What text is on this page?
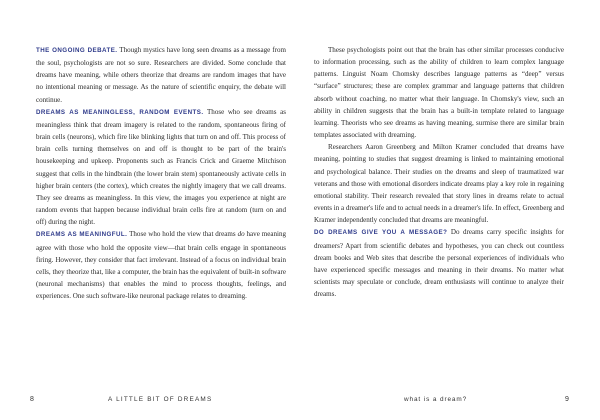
THE ONGOING DEBATE. Though mystics have long seen dreams as a message from the soul, psychologists are not so sure. Researchers are divided. Some conclude that dreams have meaning, while others theorize that dreams are random images that have no intentional meaning or message. As the nature of scientific enquiry, the debate will continue.

DREAMS AS MEANINGLESS, RANDOM EVENTS. Those who see dreams as meaningless think that dream imagery is related to the random, spontaneous firing of brain cells (neurons), which fire like blinking lights that turn on and off. This process of brain cells turning themselves on and off is thought to be part of the brain's housekeeping and upkeep. Proponents such as Francis Crick and Graeme Mitchison suggest that cells in the hindbrain (the lower brain stem) spontaneously activate cells in higher brain centers (the cortex), which creates the nightly imagery that we call dreams. They see dreams as meaningless. In this view, the images you experience at night are random events that happen because individual brain cells fire at random (turn on and off) during the night.

DREAMS AS MEANINGFUL. Those who hold the view that dreams do have meaning agree with those who hold the opposite view—that brain cells engage in spontaneous firing. However, they consider that fact irrelevant. Instead of a focus on individual brain cells, they theorize that, like a computer, the brain has the equivalent of built-in software (neuronal mechanisms) that enables the mind to process thoughts, feelings, and experiences. One such software-like neuronal package relates to dreaming.

These psychologists point out that the brain has other similar processes conducive to information processing, such as the ability of children to learn complex language patterns. Linguist Noam Chomsky describes language patterns as “deep” versus “surface” structures; these are complex grammar and language patterns that children absorb without coaching, no matter what their language. In Chomsky's view, such an ability in children suggests that the brain has a built-in template related to language learning. Theorists who see dreams as having meaning, surmise there are similar brain templates associated with dreaming.

Researchers Aaron Greenberg and Milton Kramer concluded that dreams have meaning, pointing to studies that suggest dreaming is linked to maintaining emotional and psychological balance. Their studies on the dreams and sleep of traumatized war veterans and those with emotional disorders indicate dreams play a key role in regaining emotional stability. Their research revealed that story lines in dreams relate to actual events in a dreamer's life and to actual needs in a dreamer's life. In effect, Greenberg and Kramer independently concluded that dreams are meaningful.

DO DREAMS GIVE YOU A MESSAGE? Do dreams carry specific insights for dreamers? Apart from scientific debates and hypotheses, you can check out countless dream books and Web sites that describe the personal experiences of individuals who have experienced specific messages and meaning in their dreams. No matter what scientists may speculate or conclude, dream enthusiasts will continue to analyze their dreams.

8	A LITTLE BIT OF DREAMS	what is a dream?	9
